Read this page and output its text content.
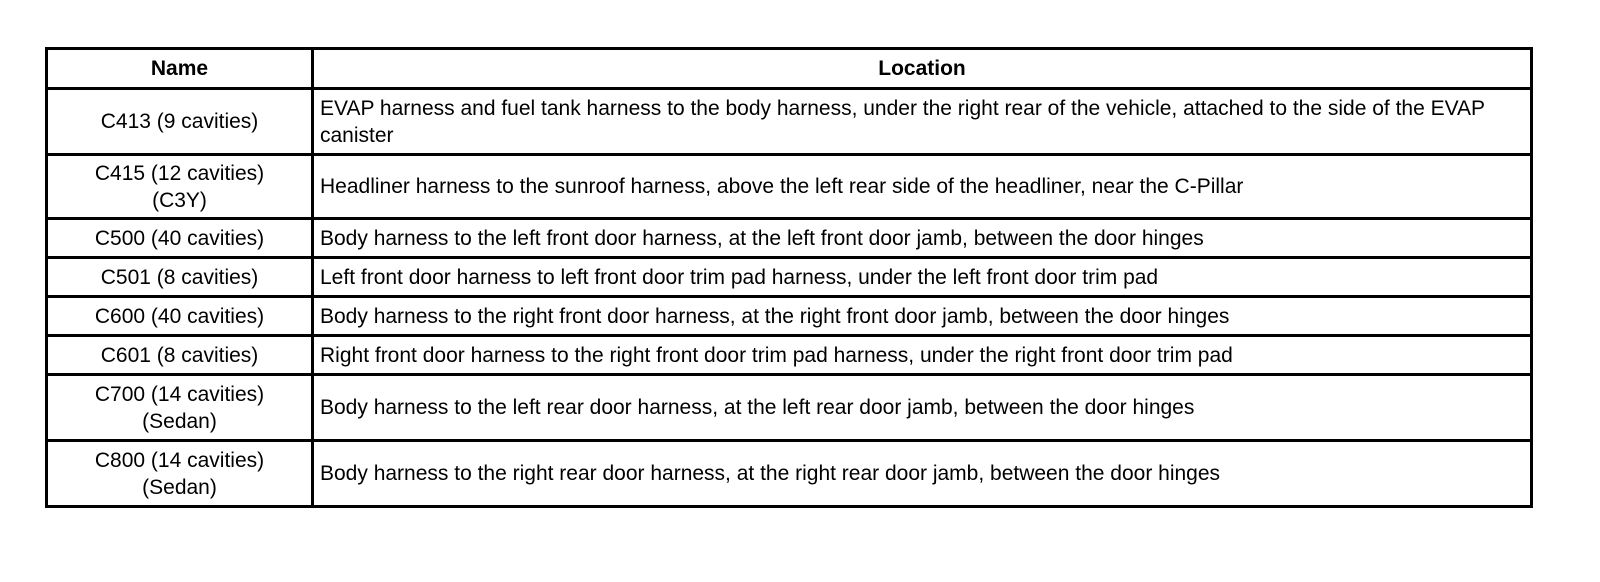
Name	Location

C413 (9 cavities)	EVAP harness and fuel tank harness to the body harness, under the right rear of the vehicle, attached to the side of the EVAP canister

C415 (12 cavities)
(C3Y)	Headliner harness to the sunroof harness, above the left rear side of the headliner, near the C-Pillar

C500 (40 cavities)	Body harness to the left front door harness, at the left front door jamb, between the door hinges

C501 (8 cavities)	Left front door harness to left front door trim pad harness, under the left front door trim pad

C600 (40 cavities)	Body harness to the right front door harness, at the right front door jamb, between the door hinges

C601 (8 cavities)	Right front door harness to the right front door trim pad harness, under the right front door trim pad

C700 (14 cavities)
(Sedan)	Body harness to the left rear door harness, at the left rear door jamb, between the door hinges

C800 (14 cavities)
(Sedan)	Body harness to the right rear door harness, at the right rear door jamb, between the door hinges
